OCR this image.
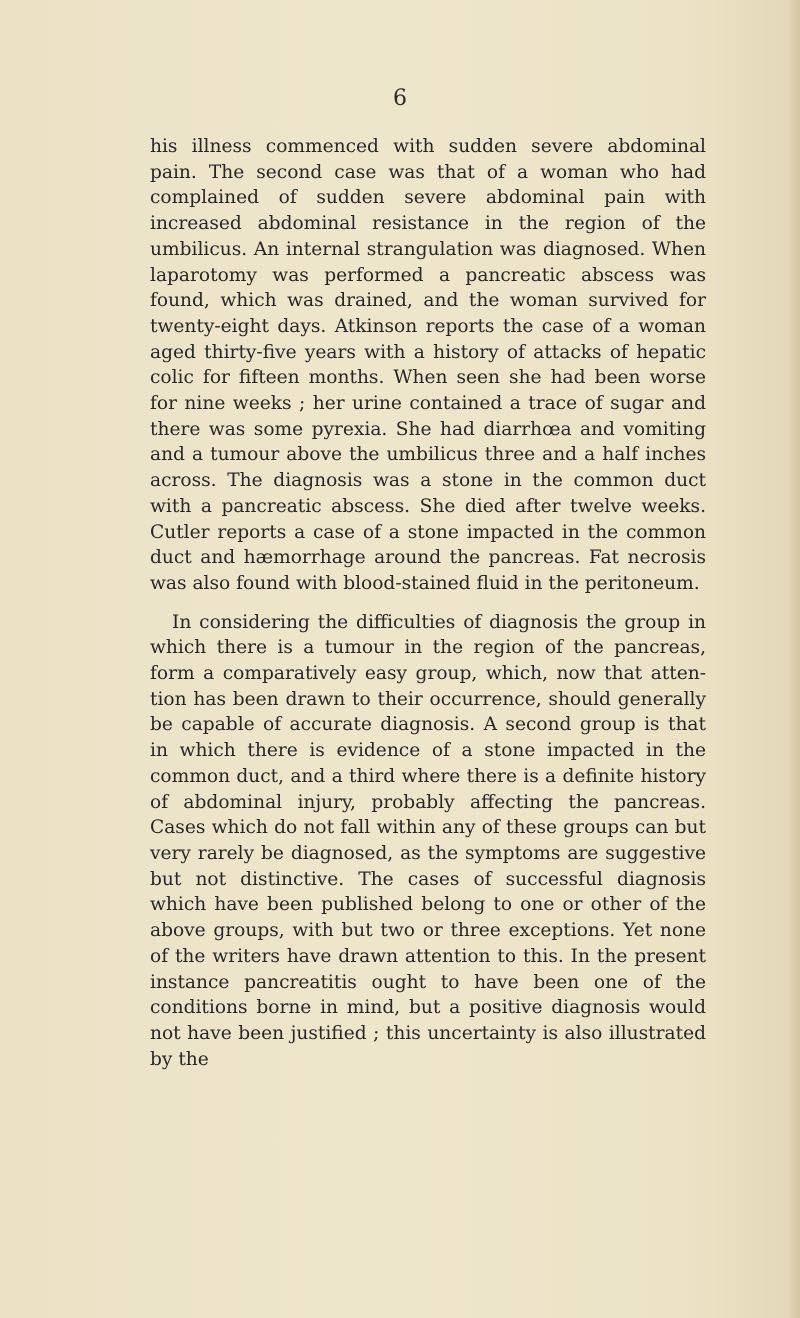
6

his illness commenced with sudden severe abdominal pain. The second case was that of a woman who had complained of sudden severe abdominal pain with increased abdominal resistance in the region of the umbilicus. An internal strangulation was diagnosed. When laparotomy was performed a pancreatic abscess was found, which was drained, and the woman survived for twenty-eight days. Atkinson reports the case of a woman aged thirty-five years with a history of attacks of hepatic colic for fifteen months. When seen she had been worse for nine weeks ; her urine contained a trace of sugar and there was some pyrexia. She had diarrhœa and vomiting and a tumour above the umbilicus three and a half inches across. The diagnosis was a stone in the common duct with a pancreatic abscess. She died after twelve weeks. Cutler reports a case of a stone impacted in the common duct and hæmorrhage around the pancreas. Fat necrosis was also found with blood-stained fluid in the peritoneum.

In considering the difficulties of diagnosis the group in which there is a tumour in the region of the pancreas, form a comparatively easy group, which, now that attention has been drawn to their occurrence, should generally be capable of accurate diagnosis. A second group is that in which there is evidence of a stone impacted in the common duct, and a third where there is a definite history of abdominal injury, probably affecting the pancreas. Cases which do not fall within any of these groups can but very rarely be diagnosed, as the symptoms are suggestive but not distinctive. The cases of successful diagnosis which have been published belong to one or other of the above groups, with but two or three exceptions. Yet none of the writers have drawn attention to this. In the present instance pancreatitis ought to have been one of the conditions borne in mind, but a positive diagnosis would not have been justified ; this uncertainty is also illustrated by the
